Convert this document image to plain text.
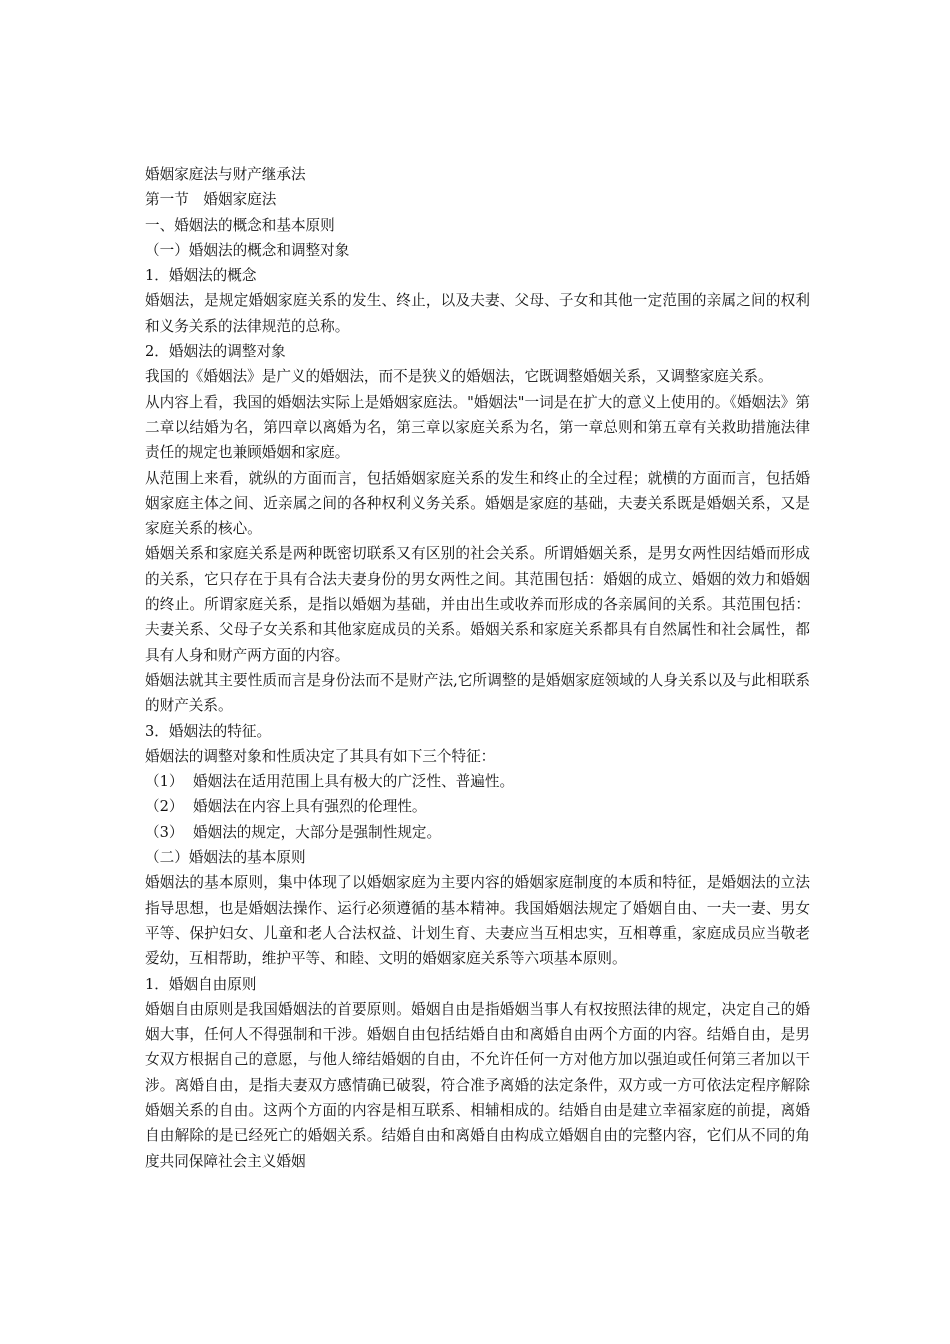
婚姻家庭法与财产继承法

第一节　婚姻家庭法

一、婚姻法的概念和基本原则

（一）婚姻法的概念和调整对象

1．婚姻法的概念

婚姻法，是规定婚姻家庭关系的发生、终止，以及夫妻、父母、子女和其他一定范围的亲属之间的权利和义务关系的法律规范的总称。

2．婚姻法的调整对象

我国的《婚姻法》是广义的婚姻法，而不是狭义的婚姻法，它既调整婚姻关系，又调整家庭关系。

从内容上看，我国的婚姻法实际上是婚姻家庭法。"婚姻法"一词是在扩大的意义上使用的。《婚姻法》第二章以结婚为名，第四章以离婚为名，第三章以家庭关系为名，第一章总则和第五章有关救助措施法律责任的规定也兼顾婚姻和家庭。

从范围上来看，就纵的方面而言，包括婚姻家庭关系的发生和终止的全过程；就横的方面而言，包括婚姻家庭主体之间、近亲属之间的各种权利义务关系。婚姻是家庭的基础，夫妻关系既是婚姻关系，又是家庭关系的核心。

婚姻关系和家庭关系是两种既密切联系又有区别的社会关系。所谓婚姻关系，是男女两性因结婚而形成的关系，它只存在于具有合法夫妻身份的男女两性之间。其范围包括：婚姻的成立、婚姻的效力和婚姻的终止。所谓家庭关系，是指以婚姻为基础，并由出生或收养而形成的各亲属间的关系。其范围包括：夫妻关系、父母子女关系和其他家庭成员的关系。婚姻关系和家庭关系都具有自然属性和社会属性，都具有人身和财产两方面的内容。

婚姻法就其主要性质而言是身份法而不是财产法,它所调整的是婚姻家庭领域的人身关系以及与此相联系的财产关系。

3．婚姻法的特征。

婚姻法的调整对象和性质决定了其具有如下三个特征：

（1） 婚姻法在适用范围上具有极大的广泛性、普遍性。

（2） 婚姻法在内容上具有强烈的伦理性。

（3） 婚姻法的规定，大部分是强制性规定。

（二）婚姻法的基本原则

婚姻法的基本原则，集中体现了以婚姻家庭为主要内容的婚姻家庭制度的本质和特征，是婚姻法的立法指导思想，也是婚姻法操作、运行必须遵循的基本精神。我国婚姻法规定了婚姻自由、一夫一妻、男女平等、保护妇女、儿童和老人合法权益、计划生育、夫妻应当互相忠实，互相尊重，家庭成员应当敬老爱幼，互相帮助，维护平等、和睦、文明的婚姻家庭关系等六项基本原则。

1．婚姻自由原则

婚姻自由原则是我国婚姻法的首要原则。婚姻自由是指婚姻当事人有权按照法律的规定，决定自己的婚姻大事，任何人不得强制和干涉。婚姻自由包括结婚自由和离婚自由两个方面的内容。结婚自由，是男女双方根据自己的意愿，与他人缔结婚姻的自由，不允许任何一方对他方加以强迫或任何第三者加以干涉。离婚自由，是指夫妻双方感情确已破裂，符合准予离婚的法定条件，双方或一方可依法定程序解除婚姻关系的自由。这两个方面的内容是相互联系、相辅相成的。结婚自由是建立幸福家庭的前提，离婚自由解除的是已经死亡的婚姻关系。结婚自由和离婚自由构成立婚姻自由的完整内容，它们从不同的角度共同保障社会主义婚姻
